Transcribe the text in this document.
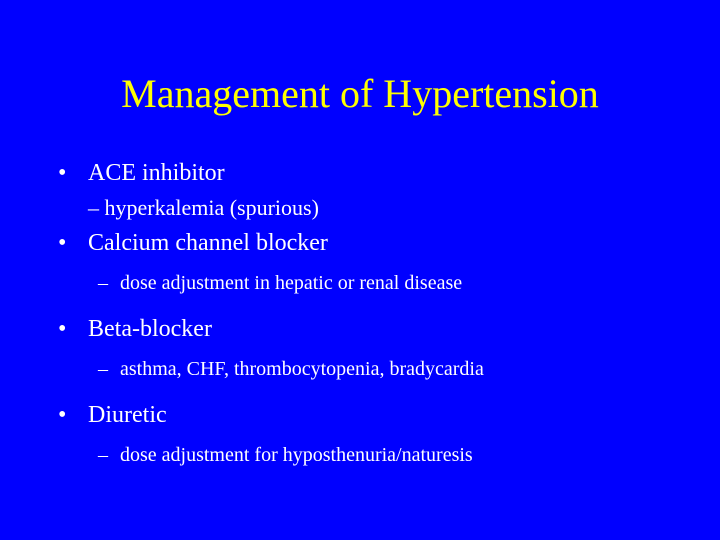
Management of Hypertension
• ACE inhibitor
– hyperkalemia (spurious)
• Calcium channel blocker
– dose adjustment in hepatic or renal disease
• Beta-blocker
– asthma, CHF, thrombocytopenia, bradycardia
• Diuretic
– dose adjustment for hyposthenuria/naturesis
